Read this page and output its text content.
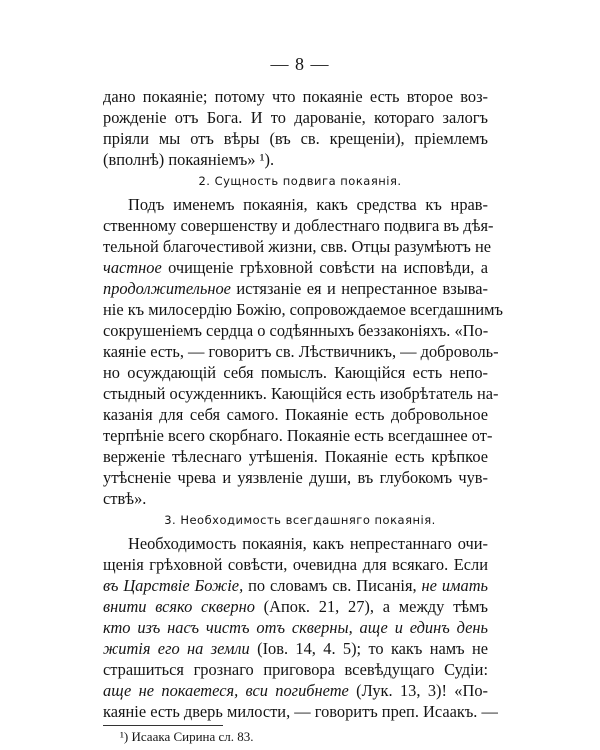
— 8 —
дано покаяніе; потому что покаяніе есть второе воз-
рожденіе отъ Бога. И то дарованіе, котораго залогъ
пріяли мы отъ вѣры (въ св. крещеніи), пріемлемъ
(вполнѣ) покаяніемъ» ¹).
2. Сущность подвига покаянія.
Подъ именемъ покаянія, какъ средства къ нрав-
ственному совершенству и доблестнаго подвига въ дѣя-
тельной благочестивой жизни, свв. Отцы разумѣютъ не
частное очищеніе грѣховной совѣсти на исповѣди, а
продолжительное истязаніе ея и непрестанное взыва-
ніе къ милосердію Божію, сопровождаемое всегдашнимъ
сокрушеніемъ сердца о содѣянныхъ беззаконіяхъ. «По-
каяніе есть, — говоритъ св. Лѣствичникъ, — доброволь-
но осуждающій себя помыслъ. Кающійся есть непо-
стыдный осужденникъ. Кающійся есть изобрѣтатель на-
казанія для себя самого. Покаяніе есть добровольное
терпѣніе всего скорбнаго. Покаяніе есть всегдашнее от-
верженіе тѣлеснаго утѣшенія. Покаяніе есть крѣпкое
утѣсненіе чрева и уязвленіе души, въ глубокомъ чув-
ствѣ».
3. Необходимость всегдашняго покаянія.
Необходимость покаянія, какъ непрестаннаго очи-
щенія грѣховной совѣсти, очевидна для всякаго. Если
въ Царствіе Божіе, по словамъ св. Писанія, не имать
внити всяко скверно (Апок. 21, 27), а между тѣмъ
кто изъ насъ чистъ отъ скверны, аще и единъ день
житія его на земли (Іов. 14, 4. 5); то какъ намъ не
страшиться грознаго приговора всевѣдущаго Судіи:
аще не покаетеся, вси погибнете (Лук. 13, 3)! «По-
каяніе есть дверь милости, — говоритъ преп. Исаакъ. —
¹) Исаака Сирина сл. 83.
